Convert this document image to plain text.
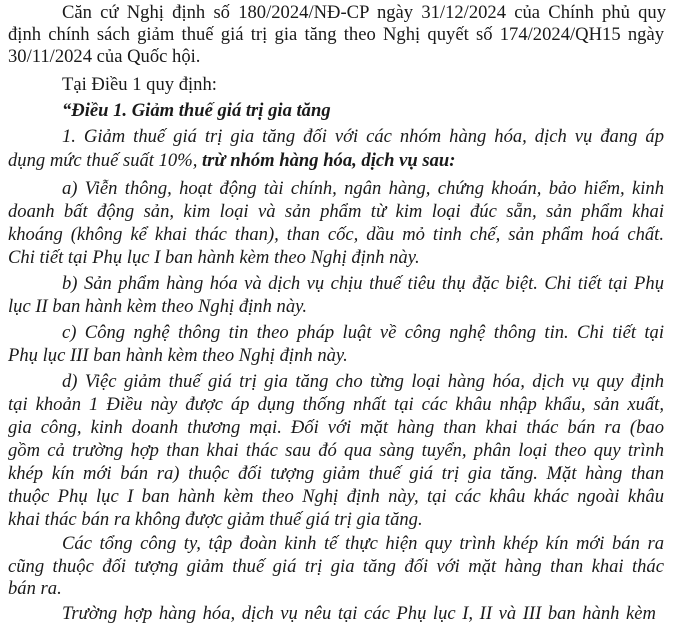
Căn cứ Nghị định số 180/2024/NĐ-CP ngày 31/12/2024 của Chính phủ quy
định chính sách giảm thuế giá trị gia tăng theo Nghị quyết số 174/2024/QH15 ngày
30/11/2024 của Quốc hội.
Tại Điều 1 quy định:
“Điều 1. Giảm thuế giá trị gia tăng
1. Giảm thuế giá trị gia tăng đối với các nhóm hàng hóa, dịch vụ đang áp
dụng mức thuế suất 10%, trừ nhóm hàng hóa, dịch vụ sau:
a) Viễn thông, hoạt động tài chính, ngân hàng, chứng khoán, bảo hiểm, kinh
doanh bất động sản, kim loại và sản phẩm từ kim loại đúc sẵn, sản phẩm khai
khoáng (không kể khai thác than), than cốc, dầu mỏ tinh chế, sản phẩm hoá chất.
Chi tiết tại Phụ lục I ban hành kèm theo Nghị định này.
b) Sản phẩm hàng hóa và dịch vụ chịu thuế tiêu thụ đặc biệt. Chi tiết tại Phụ
lục II ban hành kèm theo Nghị định này.
c) Công nghệ thông tin theo pháp luật về công nghệ thông tin. Chi tiết tại
Phụ lục III ban hành kèm theo Nghị định này.
d) Việc giảm thuế giá trị gia tăng cho từng loại hàng hóa, dịch vụ quy định
tại khoản 1 Điều này được áp dụng thống nhất tại các khâu nhập khẩu, sản xuất,
gia công, kinh doanh thương mại. Đối với mặt hàng than khai thác bán ra (bao
gồm cả trường hợp than khai thác sau đó qua sàng tuyển, phân loại theo quy trình
khép kín mới bán ra) thuộc đối tượng giảm thuế giá trị gia tăng. Mặt hàng than
thuộc Phụ lục I ban hành kèm theo Nghị định này, tại các khâu khác ngoài khâu
khai thác bán ra không được giảm thuế giá trị gia tăng.
Các tổng công ty, tập đoàn kinh tế thực hiện quy trình khép kín mới bán ra
cũng thuộc đối tượng giảm thuế giá trị gia tăng đối với mặt hàng than khai thác
bán ra.
Trường hợp hàng hóa, dịch vụ nêu tại các Phụ lục I, II và III ban hành kèm
